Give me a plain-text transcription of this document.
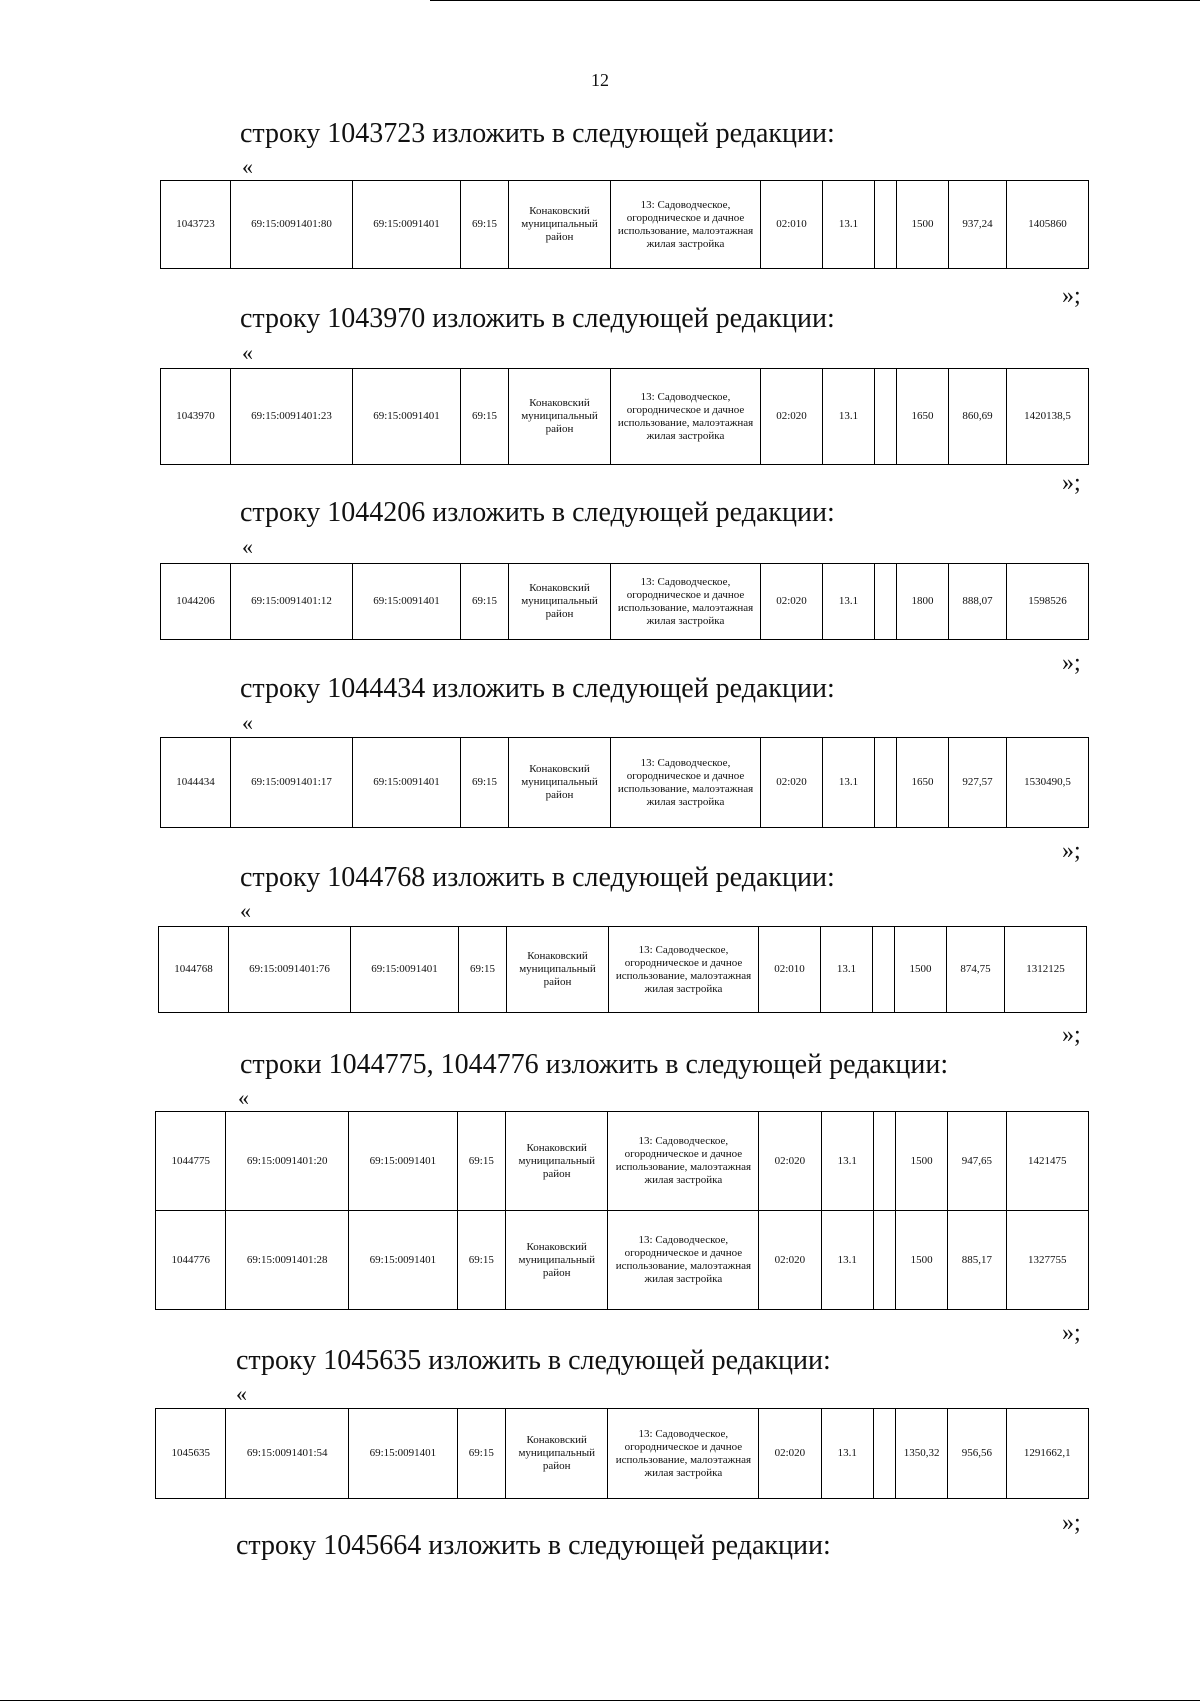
12
строку 1043723 изложить в следующей редакции:
«
1043723	69:15:0091401:80	69:15:0091401	69:15	Конаковский муниципальный район	13: Садоводческое, огородническое и дачное использование, малоэтажная жилая застройка	02:010	13.1		1500	937,24	1405860
»;
строку 1043970 изложить в следующей редакции:
«
1043970	69:15:0091401:23	69:15:0091401	69:15	Конаковский муниципальный район	13: Садоводческое, огородническое и дачное использование, малоэтажная жилая застройка	02:020	13.1		1650	860,69	1420138,5
»;
строку 1044206 изложить в следующей редакции:
«
1044206	69:15:0091401:12	69:15:0091401	69:15	Конаковский муниципальный район	13: Садоводческое, огородническое и дачное использование, малоэтажная жилая застройка	02:020	13.1		1800	888,07	1598526
»;
строку 1044434 изложить в следующей редакции:
«
1044434	69:15:0091401:17	69:15:0091401	69:15	Конаковский муниципальный район	13: Садоводческое, огородническое и дачное использование, малоэтажная жилая застройка	02:020	13.1		1650	927,57	1530490,5
»;
строку 1044768 изложить в следующей редакции:
«
1044768	69:15:0091401:76	69:15:0091401	69:15	Конаковский муниципальный район	13: Садоводческое, огородническое и дачное использование, малоэтажная жилая застройка	02:010	13.1		1500	874,75	1312125
»;
строки 1044775, 1044776 изложить в следующей редакции:
«
1044775	69:15:0091401:20	69:15:0091401	69:15	Конаковский муниципальный район	13: Садоводческое, огородническое и дачное использование, малоэтажная жилая застройка	02:020	13.1		1500	947,65	1421475
1044776	69:15:0091401:28	69:15:0091401	69:15	Конаковский муниципальный район	13: Садоводческое, огородническое и дачное использование, малоэтажная жилая застройка	02:020	13.1		1500	885,17	1327755
»;
строку 1045635 изложить в следующей редакции:
«
1045635	69:15:0091401:54	69:15:0091401	69:15	Конаковский муниципальный район	13: Садоводческое, огородническое и дачное использование, малоэтажная жилая застройка	02:020	13.1		1350,32	956,56	1291662,1
»;
строку 1045664 изложить в следующей редакции:
